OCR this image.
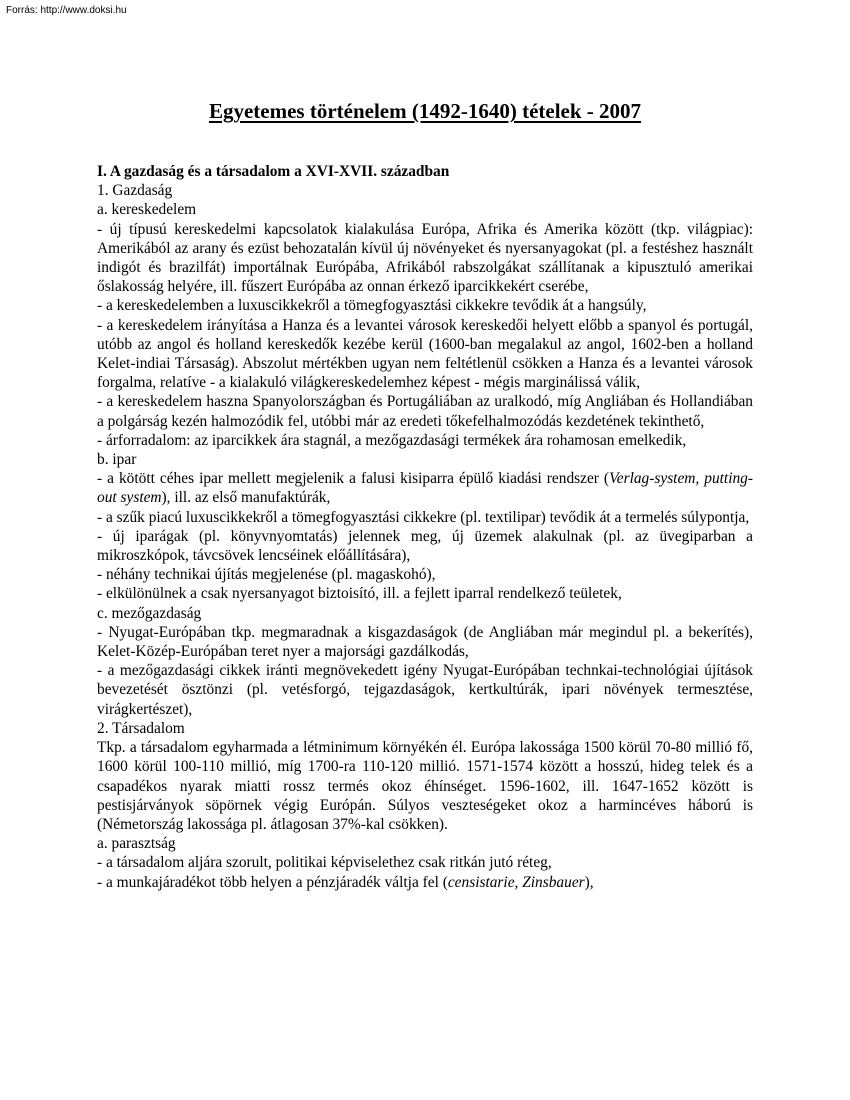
Forrás: http://www.doksi.hu
Egyetemes történelem (1492-1640) tételek - 2007

I. A gazdaság és a társadalom a XVI-XVII. században

1. Gazdaság

a. kereskedelem

- új típusú kereskedelmi kapcsolatok kialakulása Európa, Afrika és Amerika között (tkp. világpiac): Amerikából az arany és ezüst behozatalán kívül új növényeket és nyersanyagokat (pl. a festéshez használt indigót és brazilfát) importálnak Európába, Afrikából rabszolgákat szállítanak a kipusztuló amerikai őslakosság helyére, ill. fűszert Európába az onnan érkező iparcikkekért cserébe,

- a kereskedelemben a luxuscikkekről a tömegfogyasztási cikkekre tevődik át a hangsúly,

- a kereskedelem irányítása a Hanza és a levantei városok kereskedői helyett előbb a spanyol és portugál, utóbb az angol és holland kereskedők kezébe kerül (1600-ban megalakul az angol, 1602-ben a holland Kelet-indiai Társaság). Abszolut mértékben ugyan nem feltétlenül csökken a Hanza és a levantei városok forgalma, relatíve - a kialakuló világkereskedelemhez képest - mégis marginálissá válik,

- a kereskedelem haszna Spanyolországban és Portugáliában az uralkodó, míg Angliában és Hollandiában a polgárság kezén halmozódik fel, utóbbi már az eredeti tőkefelhalmozódás kezdetének tekinthető,

- árforradalom: az iparcikkek ára stagnál, a mezőgazdasági termékek ára rohamosan emelkedik,

b. ipar

- a kötött céhes ipar mellett megjelenik a falusi kisiparra épülő kiadási rendszer (Verlag-system, putting-out system), ill. az első manufaktúrák,

- a szűk piacú luxuscikkekről a tömegfogyasztási cikkekre (pl. textilipar) tevődik át a termelés súlypontja,

- új iparágak (pl. könyvnyomtatás) jelennek meg, új üzemek alakulnak (pl. az üvegiparban a mikroszkópok, távcsövek lencséinek előállítására),

- néhány technikai újítás megjelenése (pl. magaskohó),

- elkülönülnek a csak nyersanyagot biztoisító, ill. a fejlett iparral rendelkező teületek,

c. mezőgazdaság

- Nyugat-Európában tkp. megmaradnak a kisgazdaságok (de Angliában már megindul pl. a bekerítés), Kelet-Közép-Európában teret nyer a majorsági gazdálkodás,

- a mezőgazdasági cikkek iránti megnövekedett igény Nyugat-Európában technkai-technológiai újítások bevezetését ösztönzi (pl. vetésforgó, tejgazdaságok, kertkultúrák, ipari növények termesztése, virágkertészet),

2. Társadalom

Tkp. a társadalom egyharmada a létminimum környékén él. Európa lakossága 1500 körül 70-80 millió fő, 1600 körül 100-110 millió, míg 1700-ra 110-120 millió. 1571-1574 között a hosszú, hideg telek és a csapadékos nyarak miatti rossz termés okoz éhínséget. 1596-1602, ill. 1647-1652 között is pestisjárványok söpörnek végig Európán. Súlyos veszteségeket okoz a harmincéves háború is (Németország lakossága pl. átlagosan 37%-kal csökken).

a. parasztság

- a társadalom aljára szorult, politikai képviselethez csak ritkán jutó réteg,

- a munkajáradékot több helyen a pénzjáradék váltja fel (censistarie, Zinsbauer),
